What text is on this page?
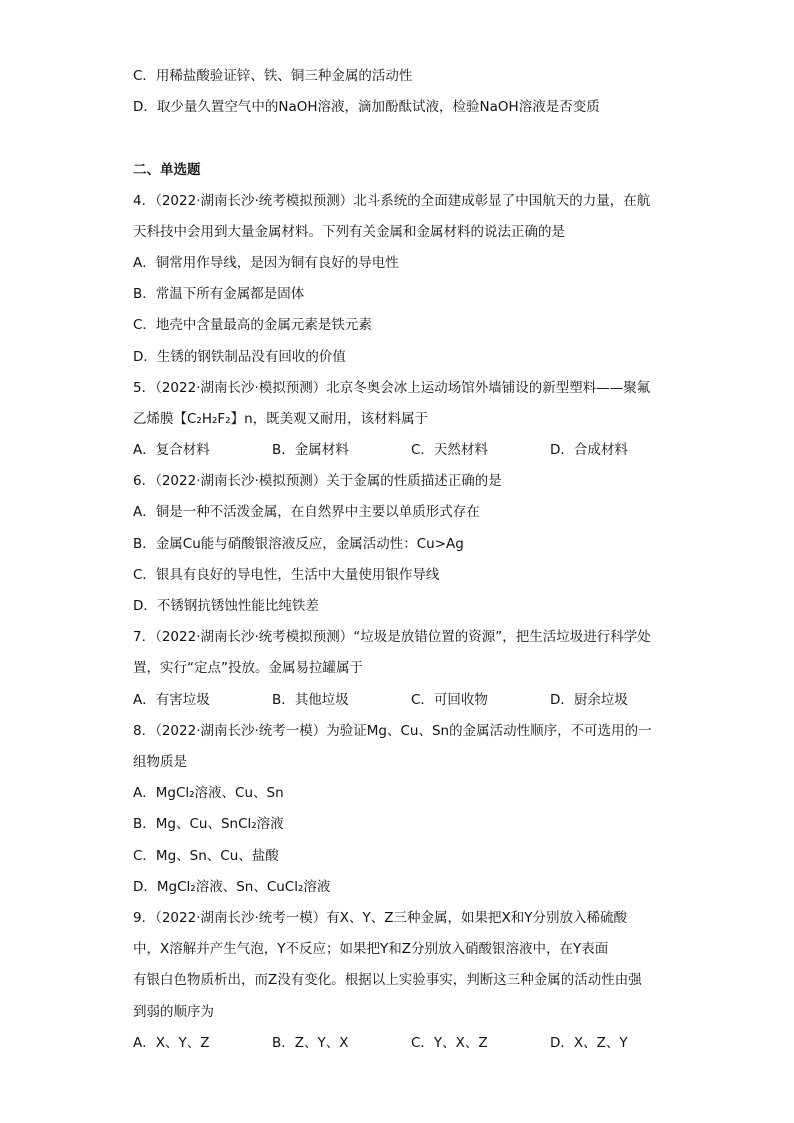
C．用稀盐酸验证锌、铁、铜三种金属的活动性
D．取少量久置空气中的NaOH溶液，滴加酚酞试液，检验NaOH溶液是否变质
二、单选题
4．（2022·湖南长沙·统考模拟预测）北斗系统的全面建成彰显了中国航天的力量，在航
天科技中会用到大量金属材料。下列有关金属和金属材料的说法正确的是
A．铜常用作导线，是因为铜有良好的导电性
B．常温下所有金属都是固体
C．地壳中含量最高的金属元素是铁元素
D．生锈的钢铁制品没有回收的价值
5．（2022·湖南长沙·模拟预测）北京冬奥会冰上运动场馆外墙铺设的新型塑料——聚氟
乙烯膜【C₂H₂F₂】n，既美观又耐用，该材料属于
A．复合材料	B．金属材料	C．天然材料	D．合成材料
6．（2022·湖南长沙·模拟预测）关于金属的性质描述正确的是
A．铜是一种不活泼金属，在自然界中主要以单质形式存在
B．金属Cu能与硝酸银溶液反应，金属活动性：Cu>Ag
C．银具有良好的导电性，生活中大量使用银作导线
D．不锈钢抗锈蚀性能比纯铁差
7．（2022·湖南长沙·统考模拟预测）“垃圾是放错位置的资源”，把生活垃圾进行科学处
置，实行“定点”投放。金属易拉罐属于
A．有害垃圾	B．其他垃圾	C．可回收物	D．厨余垃圾
8．（2022·湖南长沙·统考一模）为验证Mg、Cu、Sn的金属活动性顺序，不可选用的一
组物质是
A．MgCl₂溶液、Cu、Sn
B．Mg、Cu、SnCl₂溶液
C．Mg、Sn、Cu、盐酸
D．MgCl₂溶液、Sn、CuCl₂溶液
9．（2022·湖南长沙·统考一模）有X、Y、Z三种金属，如果把X和Y分别放入稀硫酸
中，X溶解并产生气泡，Y不反应；如果把Y和Z分别放入硝酸银溶液中，在Y表面
有银白色物质析出，而Z没有变化。根据以上实验事实，判断这三种金属的活动性由强
到弱的顺序为
A．X、Y、Z	B．Z、Y、X	C．Y、X、Z	D．X、Z、Y
